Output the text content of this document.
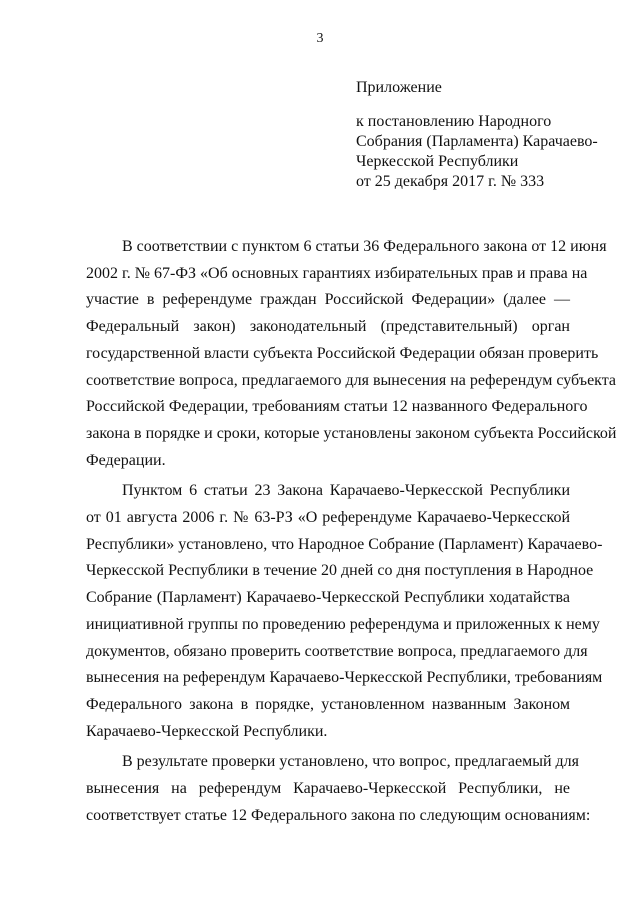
3

Приложение

к постановлению Народного
Собрания (Парламента) Карачаево-
Черкесской Республики
от 25 декабря 2017 г. № 333
В соответствии с пунктом 6 статьи 36 Федерального закона от 12 июня
2002 г. № 67-ФЗ «Об основных гарантиях избирательных прав и права на
участие в референдуме граждан Российской Федерации» (далее —
Федеральный закон) законодательный (представительный) орган
государственной власти субъекта Российской Федерации обязан проверить
соответствие вопроса, предлагаемого для вынесения на референдум субъекта
Российской Федерации, требованиям статьи 12 названного Федерального
закона в порядке и сроки, которые установлены законом субъекта Российской
Федерации.
Пунктом 6 статьи 23 Закона Карачаево-Черкесской Республики
от 01 августа 2006 г. № 63-РЗ «О референдуме Карачаево-Черкесской
Республики» установлено, что Народное Собрание (Парламент) Карачаево-
Черкесской Республики в течение 20 дней со дня поступления в Народное
Собрание (Парламент) Карачаево-Черкесской Республики ходатайства
инициативной группы по проведению референдума и приложенных к нему
документов, обязано проверить соответствие вопроса, предлагаемого для
вынесения на референдум Карачаево-Черкесской Республики, требованиям
Федерального закона в порядке, установленном названным Законом
Карачаево-Черкесской Республики.
В результате проверки установлено, что вопрос, предлагаемый для
вынесения на референдум Карачаево-Черкесской Республики, не
соответствует статье 12 Федерального закона по следующим основаниям:
